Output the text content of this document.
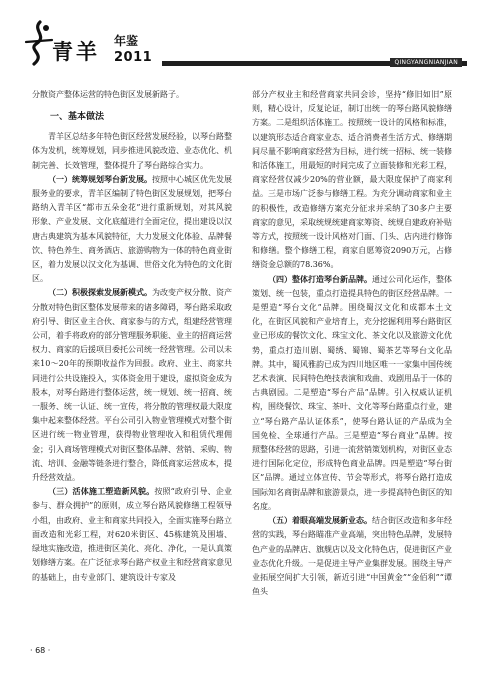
青 羊 年鉴
2011	QINGYANGNIANJIAN

分散资产整体运营的特色街区发展新路子。

一、基本做法

青羊区总结多年特色街区经营发展经验，以琴台路整体为发机，统筹规划，同步推进风貌改造、业态优化、机制完善、长效管理，整体提升了琴台路综合实力。

（一）统筹规划琴台新发展。按照中心城区优先发展服务业的要求，青羊区编制了特色街区发展规划，把琴台路纳入青羊区“都市五朵金花”进行重新规划，对其风貌形象、产业发展、文化底蕴进行全面定位，提出建设以汉唐古典建筑为基本风貌特征，大力发展文化体验、品牌餐饮、特色养生、商务酒店、旅游购物为一体的特色商业街区，着力发展以汉文化为基调、世俗文化为特色的文化街区。

（二）积极探索发展新模式。为改变产权分散、资产分散对特色街区整体发展带来的诸多障碍，琴台路采取政府引导、街区业主合伙、商家参与的方式，组建经营管理公司，着手将政府的部分管理服务职能、业主的招商运营权力、商家的后援项目委托公司统一经营管理。公司以未来10～20年的预期收益作为回报。政府、业主、商家共同进行公共设施投入，实体资金用于建设，虚拟资金成为股本，对琴台路进行整体运营，统一规划、统一招商、统一服务、统一认证、统一宣传，将分散的管理权最大限度集中起来整体经营。平台公司引入物业管理模式对整个街区进行统一物业管理，获得物业管理收入和租赁代理佣金；引入商场管理模式对街区整体品牌、营销、采购、物流、培训、金融等链条进行整合，降低商家运营成本，提升经营效益。

（三）活体施工塑造新风貌。按照“政府引导、企业参与、群众拥护”的原则，成立琴台路风貌修缮工程领导小组，由政府、业主和商家共同投入，全面实施琴台路立面改造和光彩工程，对620米街区、45栋建筑及围墙、绿地实施改造，推进街区美化、亮化、净化，一是认真策划修缮方案。在广泛征求琴台路产权业主和经营商家意见的基础上，由专业部门、建筑设计专家及

部分产权业主和经营商家共同会诊，坚持“修旧如旧”原则，精心设计，反复论证，制订出统一的琴台路风貌修缮方案。二是组织活体施工。按照统一设计的风格和标准，以建筑形态适合商家业态、适合消费者生活方式、修缮期间尽量不影响商家经营为目标，进行统一招标、统一装修和活体施工，用最短的时间完成了立面装修和光彩工程，商家经营仅减少20%的营业额，最大限度保护了商家利益。三是市场广泛参与修缮工程。为充分调动商家和业主的积极性，改造修缮方案充分征求并采纳了30多户主要商家的意见，采取统规统建商家筹资、统规自建政府补贴等方式，按照统一设计风格对门面、门头、店内进行修饰和修缮。整个修缮工程，商家自愿筹资2090万元，占修缮资金总额的78.36%。

（四）整体打造琴台新品牌。通过公司化运作，整体策划、统一包装，重点打造提具特色的街区经营品牌。一是塑造“琴台文化”品牌。围绕蜀汉文化和成都本土文化，在街区风貌和产业培育上，充分挖掘利用琴台路街区业已形成的餐饮文化、珠宝文化、茶文化以及旅游文化优势，重点打造川剧、蜀绣、蜀锦、蜀茶艺等琴台文化品牌。其中，蜀风雅韵已成为四川地区唯一一家集中国传统艺术表演、民间特色绝技表演和戏曲、戏剧用品于一体的古典剧园。二是塑造“琴台产品”品牌。引入权威认证机构，围绕餐饮、珠宝、茶叶、文化等琴台路重点行业，建立“琴台路产品认证体系”，使琴台路认证的产品成为全国免检、全球通行产品。三是塑造“琴台商业”品牌。按照整体经营的思路，引进一流营销策划机构，对街区业态进行国际化定位，形成特色商业品牌。四是塑造“琴台街区”品牌。通过立体宣传、节会等形式，将琴台路打造成国际知名商街品牌和旅游景点，进一步提高特色街区的知名度。

（五）着眼高端发展新业态。结合街区改造和多年经营的实践，琴台路瞄准产业高端，突出特色品牌，发展特色产业的品牌店、旗舰店以及文化特色店，促进街区产业业态优化升级。一是促进主导产业集群发展。围绕主导产业拓展空间扩大引领，新近引进“中国黄金”“金佰利”“谭鱼头

· 68 ·
